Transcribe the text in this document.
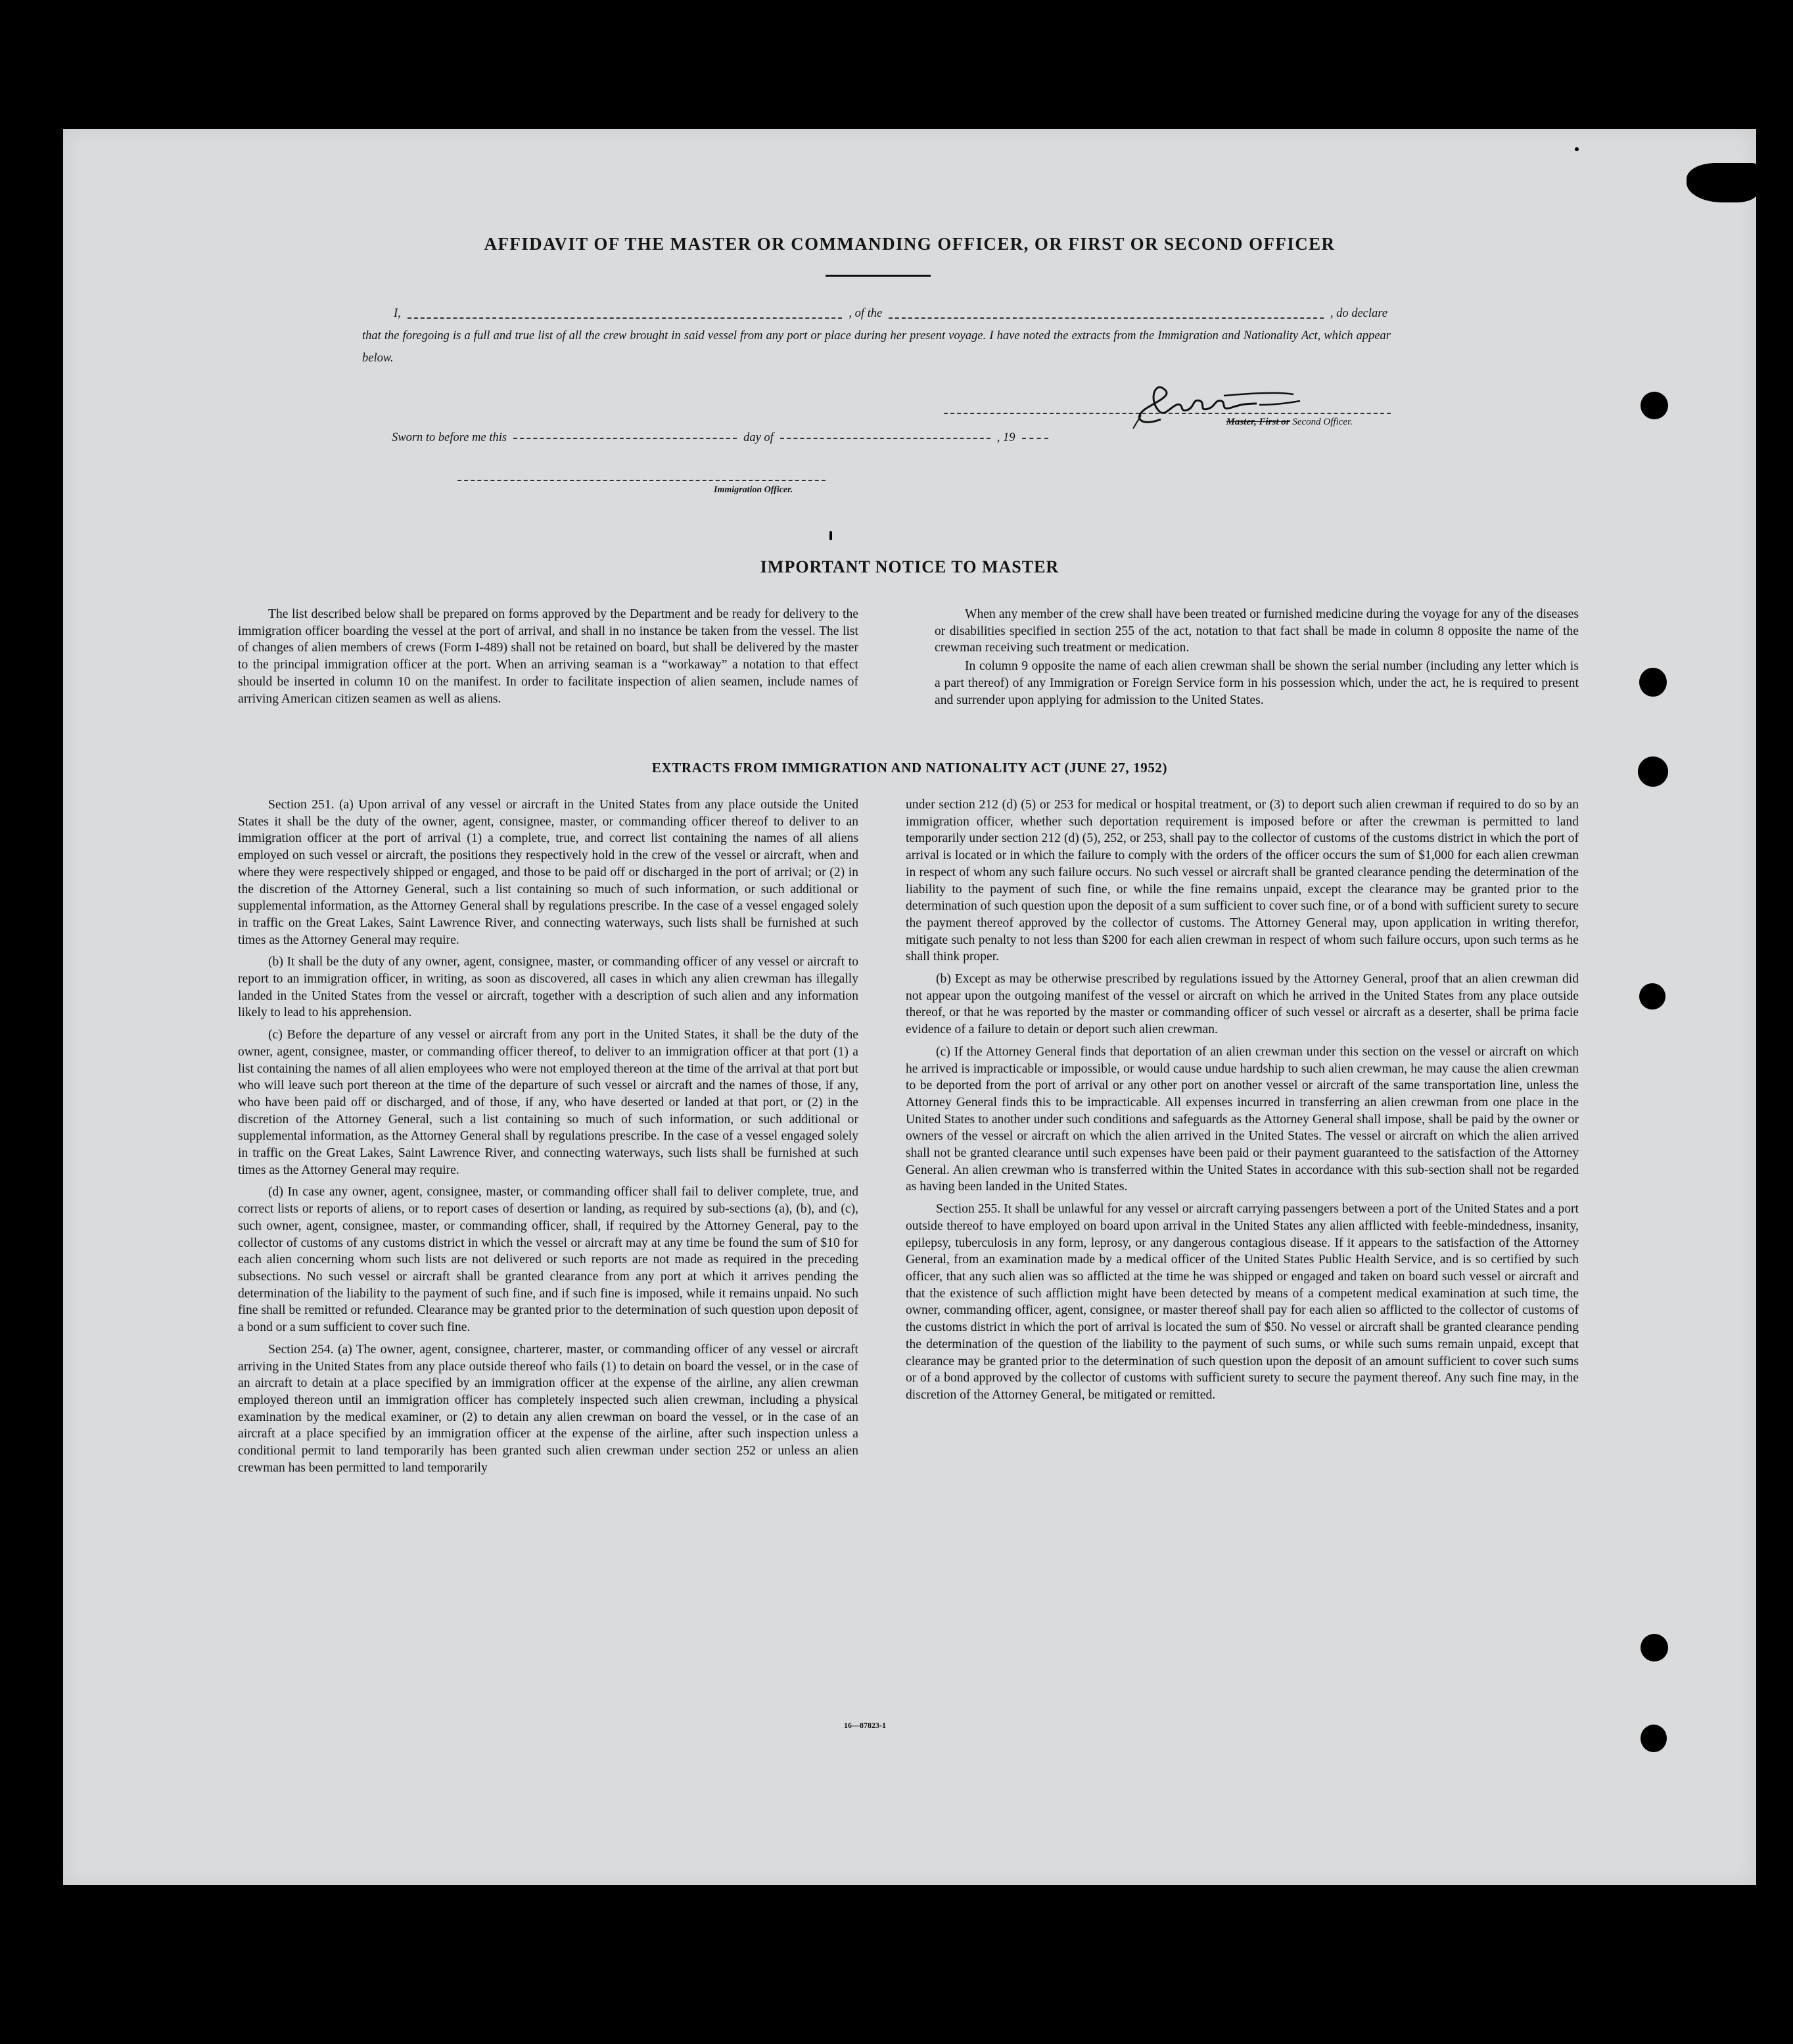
AFFIDAVIT OF THE MASTER OR COMMANDING OFFICER, OR FIRST OR SECOND OFFICER
I,	, of the	, do declare
that the foregoing is a full and true list of all the crew brought in said vessel from any port or place during her present voyage. I have noted the extracts from the Immigration and Nationality Act, which appear below.
Master, First or Second Officer.
Sworn to before me this	day of	, 19
Immigration Officer.
IMPORTANT NOTICE TO MASTER

The list described below shall be prepared on forms approved by the Department and be ready for delivery to the immigration officer boarding the vessel at the port of arrival, and shall in no instance be taken from the vessel. The list of changes of alien members of crews (Form I-489) shall not be retained on board, but shall be delivered by the master to the principal immigration officer at the port. When an arriving seaman is a “workaway” a notation to that effect should be inserted in column 10 on the manifest. In order to facilitate inspection of alien seamen, include names of arriving American citizen seamen as well as aliens.

When any member of the crew shall have been treated or furnished medicine during the voyage for any of the diseases or disabilities specified in section 255 of the act, notation to that fact shall be made in column 8 opposite the name of the crewman receiving such treatment or medication.

In column 9 opposite the name of each alien crewman shall be shown the serial number (including any letter which is a part thereof) of any Immigration or Foreign Service form in his possession which, under the act, he is required to present and surrender upon applying for admission to the United States.

EXTRACTS FROM IMMIGRATION AND NATIONALITY ACT (JUNE 27, 1952)

Section 251. (a) Upon arrival of any vessel or aircraft in the United States from any place outside the United States it shall be the duty of the owner, agent, consignee, master, or commanding officer thereof to deliver to an immigration officer at the port of arrival (1) a complete, true, and correct list containing the names of all aliens employed on such vessel or aircraft, the positions they respectively hold in the crew of the vessel or aircraft, when and where they were respectively shipped or engaged, and those to be paid off or discharged in the port of arrival; or (2) in the discretion of the Attorney General, such a list containing so much of such information, or such additional or supplemental information, as the Attorney General shall by regulations prescribe. In the case of a vessel engaged solely in traffic on the Great Lakes, Saint Lawrence River, and connecting waterways, such lists shall be furnished at such times as the Attorney General may require.

(b) It shall be the duty of any owner, agent, consignee, master, or commanding officer of any vessel or aircraft to report to an immigration officer, in writing, as soon as discovered, all cases in which any alien crewman has illegally landed in the United States from the vessel or aircraft, together with a description of such alien and any information likely to lead to his apprehension.

(c) Before the departure of any vessel or aircraft from any port in the United States, it shall be the duty of the owner, agent, consignee, master, or commanding officer thereof, to deliver to an immigration officer at that port (1) a list containing the names of all alien employees who were not employed thereon at the time of the arrival at that port but who will leave such port thereon at the time of the departure of such vessel or aircraft and the names of those, if any, who have been paid off or discharged, and of those, if any, who have deserted or landed at that port, or (2) in the discretion of the Attorney General, such a list containing so much of such information, or such additional or supplemental information, as the Attorney General shall by regulations prescribe. In the case of a vessel engaged solely in traffic on the Great Lakes, Saint Lawrence River, and connecting waterways, such lists shall be furnished at such times as the Attorney General may require.

(d) In case any owner, agent, consignee, master, or commanding officer shall fail to deliver complete, true, and correct lists or reports of aliens, or to report cases of desertion or landing, as required by sub-sections (a), (b), and (c), such owner, agent, consignee, master, or commanding officer, shall, if required by the Attorney General, pay to the collector of customs of any customs district in which the vessel or aircraft may at any time be found the sum of $10 for each alien concerning whom such lists are not delivered or such reports are not made as required in the preceding subsections. No such vessel or aircraft shall be granted clearance from any port at which it arrives pending the determination of the liability to the payment of such fine, and if such fine is imposed, while it remains unpaid. No such fine shall be remitted or refunded. Clearance may be granted prior to the determination of such question upon deposit of a bond or a sum sufficient to cover such fine.

Section 254. (a) The owner, agent, consignee, charterer, master, or commanding officer of any vessel or aircraft arriving in the United States from any place outside thereof who fails (1) to detain on board the vessel, or in the case of an aircraft to detain at a place specified by an immigration officer at the expense of the airline, any alien crewman employed thereon until an immigration officer has completely inspected such alien crewman, including a physical examination by the medical examiner, or (2) to detain any alien crewman on board the vessel, or in the case of an aircraft at a place specified by an immigration officer at the expense of the airline, after such inspection unless a conditional permit to land temporarily has been granted such alien crewman under section 252 or unless an alien crewman has been permitted to land temporarily

under section 212 (d) (5) or 253 for medical or hospital treatment, or (3) to deport such alien crewman if required to do so by an immigration officer, whether such deportation requirement is imposed before or after the crewman is permitted to land temporarily under section 212 (d) (5), 252, or 253, shall pay to the collector of customs of the customs district in which the port of arrival is located or in which the failure to comply with the orders of the officer occurs the sum of $1,000 for each alien crewman in respect of whom any such failure occurs. No such vessel or aircraft shall be granted clearance pending the determination of the liability to the payment of such fine, or while the fine remains unpaid, except the clearance may be granted prior to the determination of such question upon the deposit of a sum sufficient to cover such fine, or of a bond with sufficient surety to secure the payment thereof approved by the collector of customs. The Attorney General may, upon application in writing therefor, mitigate such penalty to not less than $200 for each alien crewman in respect of whom such failure occurs, upon such terms as he shall think proper.

(b) Except as may be otherwise prescribed by regulations issued by the Attorney General, proof that an alien crewman did not appear upon the outgoing manifest of the vessel or aircraft on which he arrived in the United States from any place outside thereof, or that he was reported by the master or commanding officer of such vessel or aircraft as a deserter, shall be prima facie evidence of a failure to detain or deport such alien crewman.

(c) If the Attorney General finds that deportation of an alien crewman under this section on the vessel or aircraft on which he arrived is impracticable or impossible, or would cause undue hardship to such alien crewman, he may cause the alien crewman to be deported from the port of arrival or any other port on another vessel or aircraft of the same transportation line, unless the Attorney General finds this to be impracticable. All expenses incurred in transferring an alien crewman from one place in the United States to another under such conditions and safeguards as the Attorney General shall impose, shall be paid by the owner or owners of the vessel or aircraft on which the alien arrived in the United States. The vessel or aircraft on which the alien arrived shall not be granted clearance until such expenses have been paid or their payment guaranteed to the satisfaction of the Attorney General. An alien crewman who is transferred within the United States in accordance with this sub-section shall not be regarded as having been landed in the United States.

Section 255. It shall be unlawful for any vessel or aircraft carrying passengers between a port of the United States and a port outside thereof to have employed on board upon arrival in the United States any alien afflicted with feeble-mindedness, insanity, epilepsy, tuberculosis in any form, leprosy, or any dangerous contagious disease. If it appears to the satisfaction of the Attorney General, from an examination made by a medical officer of the United States Public Health Service, and is so certified by such officer, that any such alien was so afflicted at the time he was shipped or engaged and taken on board such vessel or aircraft and that the existence of such affliction might have been detected by means of a competent medical examination at such time, the owner, commanding officer, agent, consignee, or master thereof shall pay for each alien so afflicted to the collector of customs of the customs district in which the port of arrival is located the sum of $50. No vessel or aircraft shall be granted clearance pending the determination of the question of the liability to the payment of such sums, or while such sums remain unpaid, except that clearance may be granted prior to the determination of such question upon the deposit of an amount sufficient to cover such sums or of a bond approved by the collector of customs with sufficient surety to secure the payment thereof. Any such fine may, in the discretion of the Attorney General, be mitigated or remitted.

16—87823-1
